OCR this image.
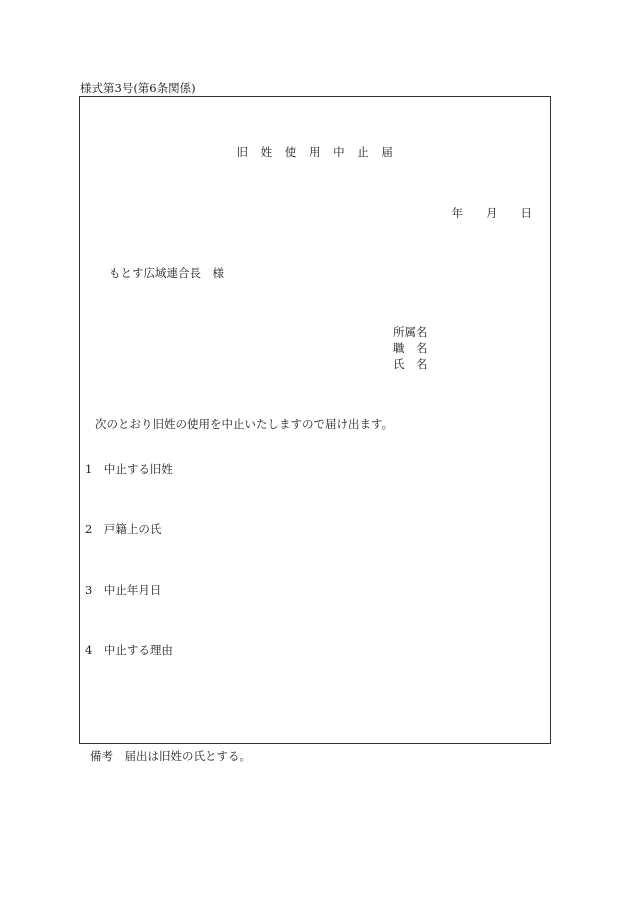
様式第3号(第6条関係)
旧　姓　使　用　中　止　届
年　　月　　日
もとす広域連合長　様
所属名
職　名
氏　名
次のとおり旧姓の使用を中止いたしますので届け出ます。
1　中止する旧姓
2　戸籍上の氏
3　中止年月日
4　中止する理由
備考　届出は旧姓の氏とする。
